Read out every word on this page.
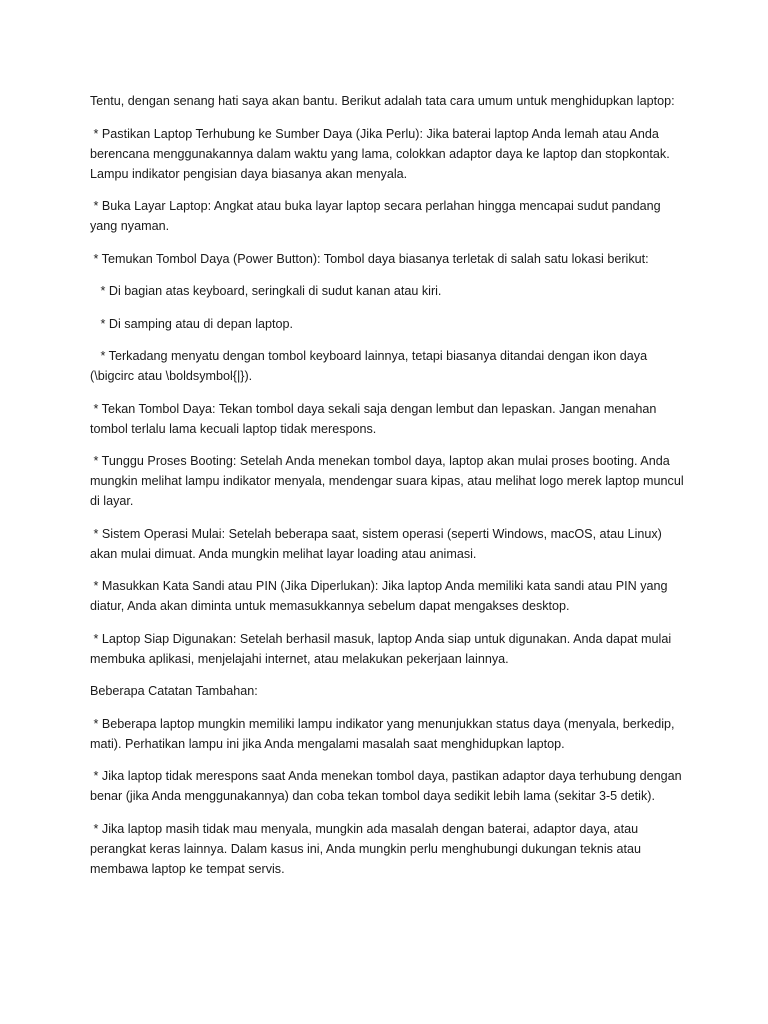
Tentu, dengan senang hati saya akan bantu. Berikut adalah tata cara umum untuk menghidupkan laptop:

* Pastikan Laptop Terhubung ke Sumber Daya (Jika Perlu): Jika baterai laptop Anda lemah atau Anda berencana menggunakannya dalam waktu yang lama, colokkan adaptor daya ke laptop dan stopkontak. Lampu indikator pengisian daya biasanya akan menyala.

* Buka Layar Laptop: Angkat atau buka layar laptop secara perlahan hingga mencapai sudut pandang yang nyaman.

* Temukan Tombol Daya (Power Button): Tombol daya biasanya terletak di salah satu lokasi berikut:

* Di bagian atas keyboard, seringkali di sudut kanan atau kiri.

* Di samping atau di depan laptop.

* Terkadang menyatu dengan tombol keyboard lainnya, tetapi biasanya ditandai dengan ikon daya (\bigcirc atau \boldsymbol{|}).

* Tekan Tombol Daya: Tekan tombol daya sekali saja dengan lembut dan lepaskan. Jangan menahan tombol terlalu lama kecuali laptop tidak merespons.

* Tunggu Proses Booting: Setelah Anda menekan tombol daya, laptop akan mulai proses booting. Anda mungkin melihat lampu indikator menyala, mendengar suara kipas, atau melihat logo merek laptop muncul di layar.

* Sistem Operasi Mulai: Setelah beberapa saat, sistem operasi (seperti Windows, macOS, atau Linux) akan mulai dimuat. Anda mungkin melihat layar loading atau animasi.

* Masukkan Kata Sandi atau PIN (Jika Diperlukan): Jika laptop Anda memiliki kata sandi atau PIN yang diatur, Anda akan diminta untuk memasukkannya sebelum dapat mengakses desktop.

* Laptop Siap Digunakan: Setelah berhasil masuk, laptop Anda siap untuk digunakan. Anda dapat mulai membuka aplikasi, menjelajahi internet, atau melakukan pekerjaan lainnya.

Beberapa Catatan Tambahan:

* Beberapa laptop mungkin memiliki lampu indikator yang menunjukkan status daya (menyala, berkedip, mati). Perhatikan lampu ini jika Anda mengalami masalah saat menghidupkan laptop.

* Jika laptop tidak merespons saat Anda menekan tombol daya, pastikan adaptor daya terhubung dengan benar (jika Anda menggunakannya) dan coba tekan tombol daya sedikit lebih lama (sekitar 3-5 detik).

* Jika laptop masih tidak mau menyala, mungkin ada masalah dengan baterai, adaptor daya, atau perangkat keras lainnya. Dalam kasus ini, Anda mungkin perlu menghubungi dukungan teknis atau membawa laptop ke tempat servis.
